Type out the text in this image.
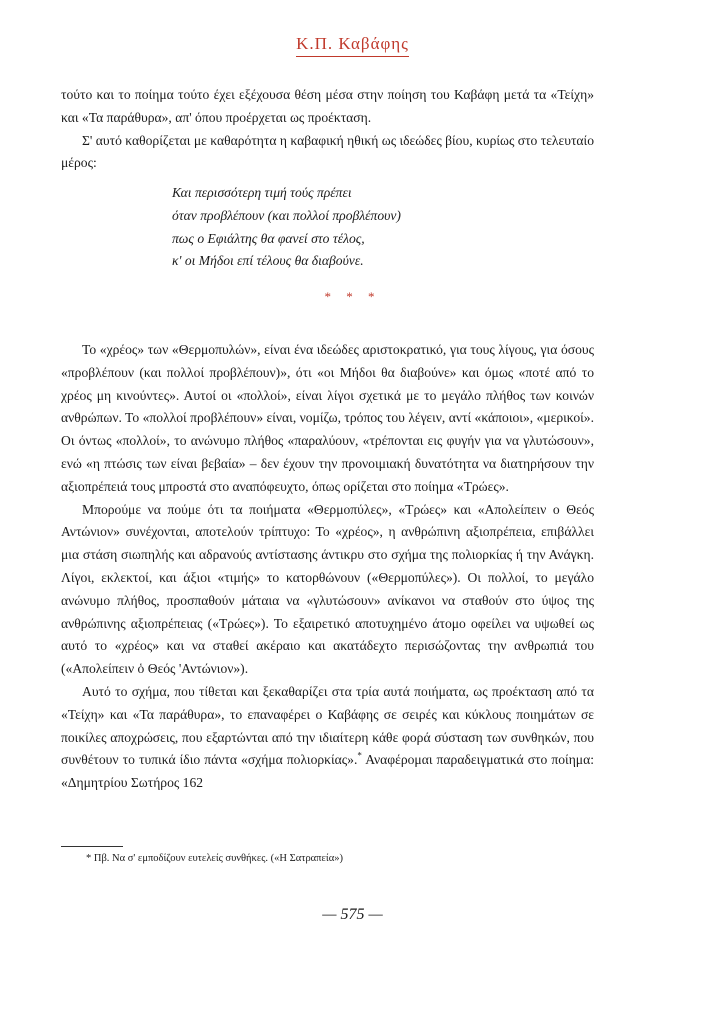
Κ.Π. Καβάφης

τούτο και το ποίημα τούτο έχει εξέχουσα θέση μέσα στην ποίηση του Καβάφη μετά τα «Τείχη» και «Τα παράθυρα», απ' όπου προέρχεται ως προέκταση.

Σ' αυτό καθορίζεται με καθαρότητα η καβαφική ηθική ως ιδεώδες βίου, κυρίως στο τελευταίο μέρος:

Και περισσότερη τιμή τούς πρέπει
όταν προβλέπουν (και πολλοί προβλέπουν)
πως ο Εφιάλτης θα φανεί στο τέλος,
κ' οι Μήδοι επί τέλους θα διαβούνε.
* * *

Το «χρέος» των «Θερμοπυλών», είναι ένα ιδεώδες αριστοκρατικό, για τους λίγους, για όσους «προβλέπουν (και πολλοί προβλέπουν)», ότι «οι Μήδοι θα διαβούνε» και όμως «ποτέ από το χρέος μη κινούντες». Αυτοί οι «πολλοί», είναι λίγοι σχετικά με το μεγάλο πλήθος των κοινών ανθρώπων. Το «πολλοί προβλέπουν» είναι, νομίζω, τρόπος του λέγειν, αντί «κάποιοι», «μερικοί». Οι όντως «πολλοί», το ανώνυμο πλήθος «παραλύουν, «τρέπονται εις φυγήν για να γλυτώσουν», ενώ «η πτώσις των είναι βεβαία» – δεν έχουν την προνοιμιακή δυνατότητα να διατηρήσουν την αξιοπρέπειά τους μπροστά στο αναπόφευχτο, όπως ορίζεται στο ποίημα «Τρώες».

Μπορούμε να πούμε ότι τα ποιήματα «Θερμοπύλες», «Τρώες» και «Απολείπειν ο Θεός Αντώνιον» συνέχονται, αποτελούν τρίπτυχο: Το «χρέος», η ανθρώπινη αξιοπρέπεια, επιβάλλει μια στάση σιωπηλής και αδρανούς αντίστασης άντικρυ στο σχήμα της πολιορκίας ή την Ανάγκη. Λίγοι, εκλεκτοί, και άξιοι «τιμής» το κατορθώνουν («Θερμοπύλες»). Οι πολλοί, το μεγάλο ανώνυμο πλήθος, προσπαθούν μάταια να «γλυτώσουν» ανίκανοι να σταθούν στο ύψος της ανθρώπινης αξιοπρέπειας («Τρώες»). Το εξαιρετικό αποτυχημένο άτομο οφείλει να υψωθεί ως αυτό το «χρέος» και να σταθεί ακέραιο και ακατάδεχτο περισώζοντας την ανθρωπιά του («Απολείπειν ὁ Θεός 'Αντώνιον»).

Αυτό το σχήμα, που τίθεται και ξεκαθαρίζει στα τρία αυτά ποιήματα, ως προέκταση από τα «Τείχη» και «Τα παράθυρα», το επαναφέρει ο Καβάφης σε σειρές και κύκλους ποιημάτων σε ποικίλες αποχρώσεις, που εξαρτώνται από την ιδιαίτερη κάθε φορά σύσταση των συνθηκών, που συνθέτουν το τυπικά ίδιο πάντα «σχήμα πολιορκίας».* Αναφέρομαι παραδειγματικά στο ποίημα: «Δημητρίου Σωτήρος 162

* Πβ. Να σ' εμποδίζουν ευτελείς συνθήκες. («Η Σατραπεία»)
— 575 —
